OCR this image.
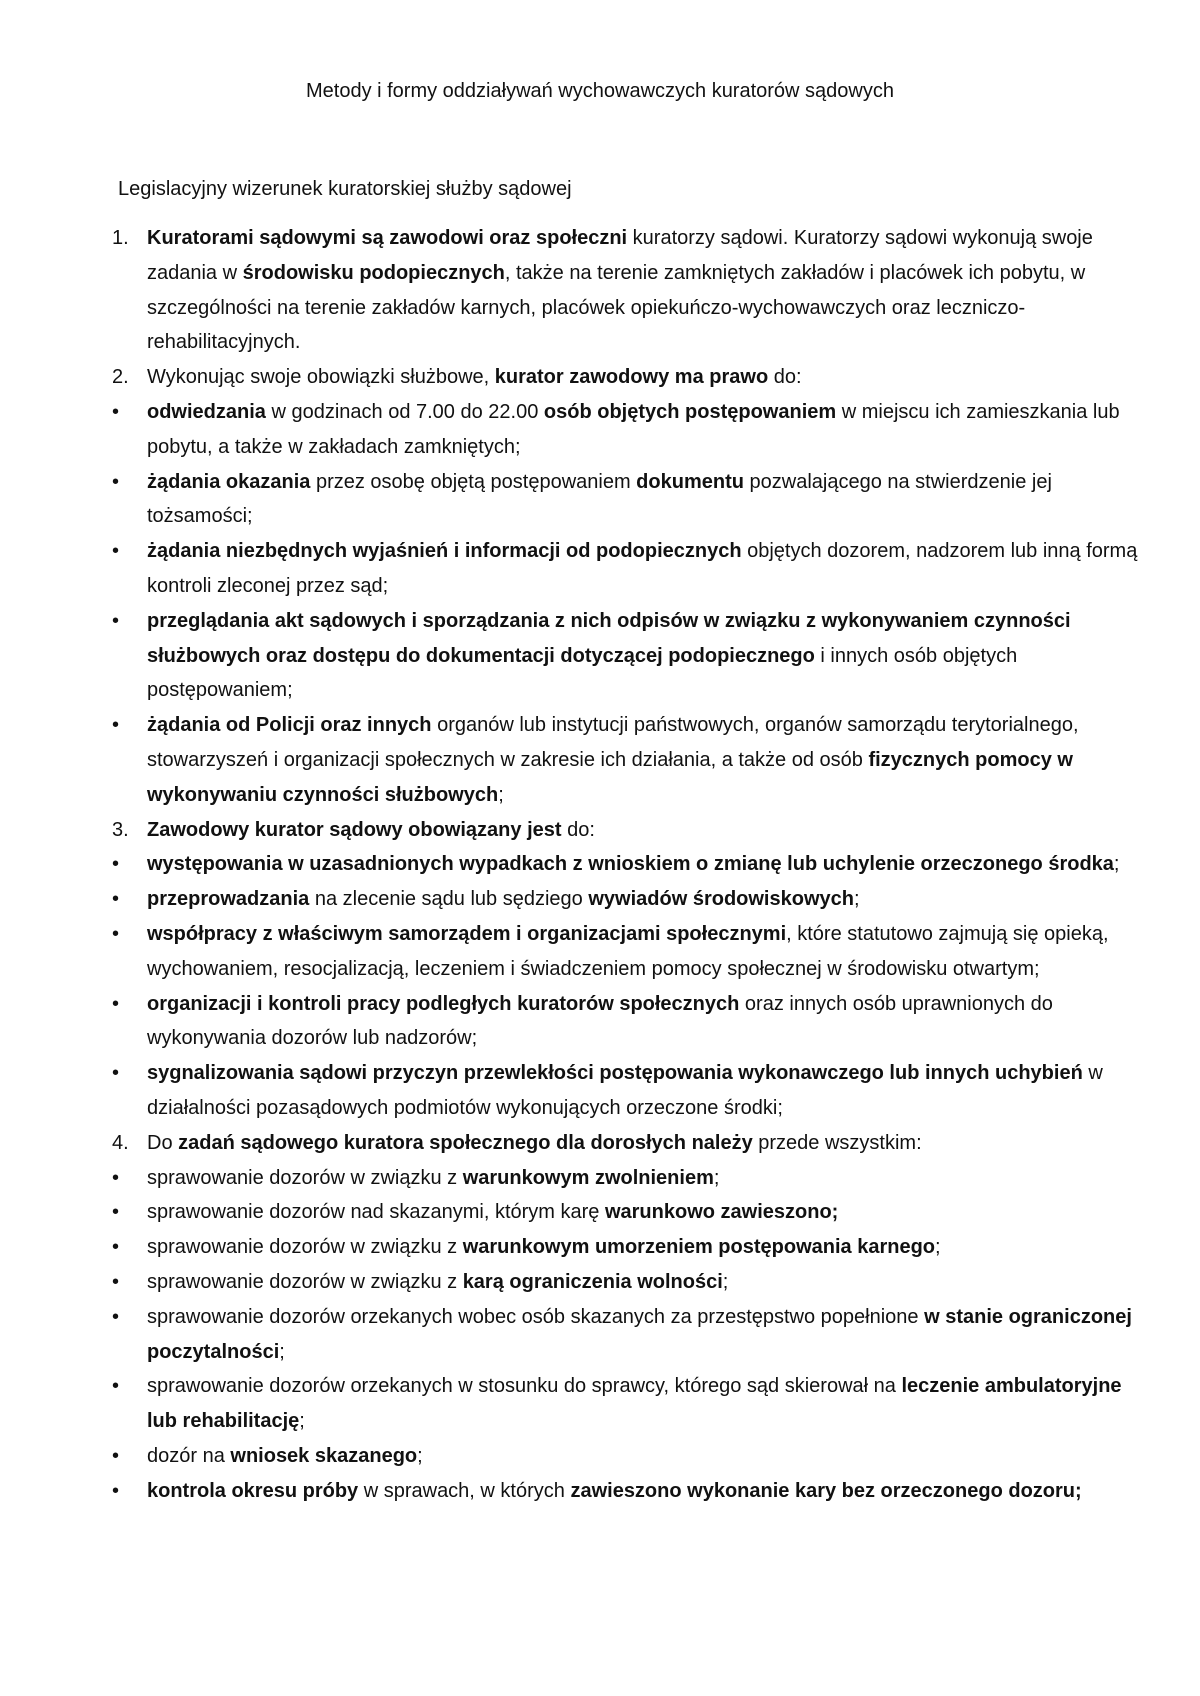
Metody i formy oddziaływań wychowawczych kuratorów sądowych
Legislacyjny wizerunek kuratorskiej służby sądowej
1. Kuratorami sądowymi są zawodowi oraz społeczni kuratorzy sądowi. Kuratorzy sądowi wykonują swoje zadania w środowisku podopiecznych, także na terenie zamkniętych zakładów i placówek ich pobytu, w szczególności na terenie zakładów karnych, placówek opiekuńczo-wychowawczych oraz leczniczo-rehabilitacyjnych.
2. Wykonując swoje obowiązki służbowe, kurator zawodowy ma prawo do:
•	odwiedzania w godzinach od 7.00 do 22.00 osób objętych postępowaniem w miejscu ich zamieszkania lub pobytu, a także w zakładach zamkniętych;
•	żądania okazania przez osobę objętą postępowaniem dokumentu pozwalającego na stwierdzenie jej tożsamości;
•	żądania niezbędnych wyjaśnień i informacji od podopiecznych objętych dozorem, nadzorem lub inną formą kontroli zleconej przez sąd;
•	przeglądania akt sądowych i sporządzania z nich odpisów w związku z wykonywaniem czynności służbowych oraz dostępu do dokumentacji dotyczącej podopiecznego i innych osób objętych postępowaniem;
•	żądania od Policji oraz innych organów lub instytucji państwowych, organów samorządu terytorialnego, stowarzyszeń i organizacji społecznych w zakresie ich działania, a także od osób fizycznych pomocy w wykonywaniu czynności służbowych;
3. Zawodowy kurator sądowy obowiązany jest do:
•	występowania w uzasadnionych wypadkach z wnioskiem o zmianę lub uchylenie orzeczonego środka;
•	przeprowadzania na zlecenie sądu lub sędziego wywiadów środowiskowych;
•	współpracy z właściwym samorządem i organizacjami społecznymi, które statutowo zajmują się opieką, wychowaniem, resocjalizacją, leczeniem i świadczeniem pomocy społecznej w środowisku otwartym;
•	organizacji i kontroli pracy podległych kuratorów społecznych oraz innych osób uprawnionych do wykonywania dozorów lub nadzorów;
•	sygnalizowania sądowi przyczyn przewlekłości postępowania wykonawczego lub innych uchybień w działalności pozasądowych podmiotów wykonujących orzeczone środki;
4. Do zadań sądowego kuratora społecznego dla dorosłych należy przede wszystkim:
•	sprawowanie dozorów w związku z warunkowym zwolnieniem;
•	sprawowanie dozorów nad skazanymi, którym karę warunkowo zawieszono;
•	sprawowanie dozorów w związku z warunkowym umorzeniem postępowania karnego;
•	sprawowanie dozorów w związku z karą ograniczenia wolności;
•	sprawowanie dozorów orzekanych wobec osób skazanych za przestępstwo popełnione w stanie ograniczonej poczytalności;
•	sprawowanie dozorów orzekanych w stosunku do sprawcy, którego sąd skierował na leczenie ambulatoryjne lub rehabilitację;
•	dozór na wniosek skazanego;
•	kontrola okresu próby w sprawach, w których zawieszono wykonanie kary bez orzeczonego dozoru;
